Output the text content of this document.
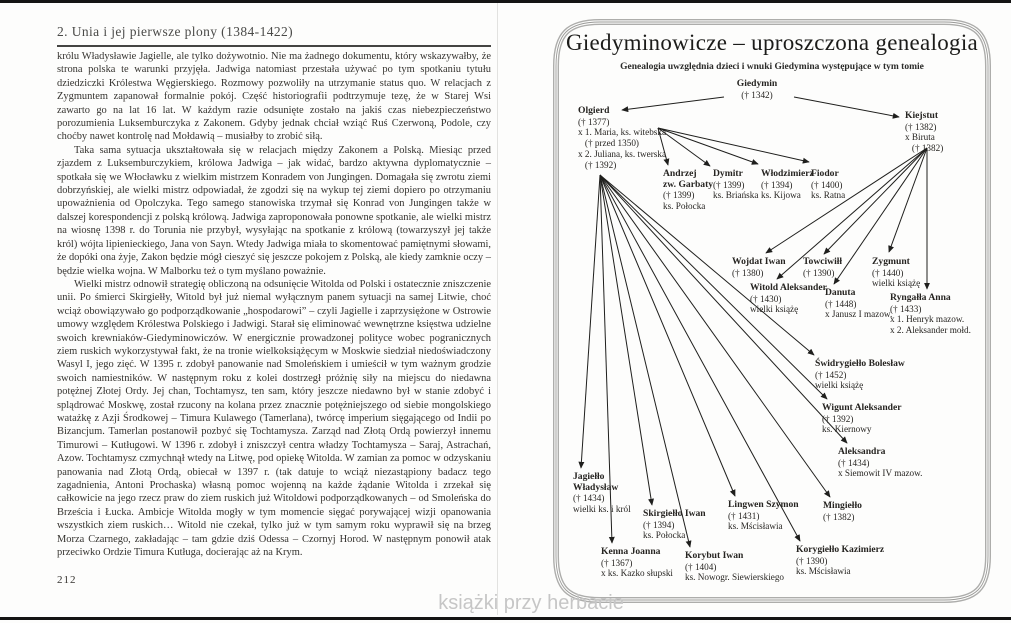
2. Unia i jej pierwsze plony (1384-1422)

królu Władysławie Jagielle, ale tylko dożywotnio. Nie ma żadnego dokumentu, który wskazywałby, że strona polska te warunki przyjęła. Jadwiga natomiast przestała używać po tym spotkaniu tytułu dziedziczki Królestwa Węgierskiego. Rozmowy pozwoliły na utrzymanie status quo. W relacjach z Zygmuntem zapanował formalnie pokój. Część historiografii podtrzymuje tezę, że w Starej Wsi zawarto go na lat 16 lat. W każdym razie odsunięte zostało na jakiś czas niebezpieczeństwo porozumienia Luksemburczyka z Zakonem. Gdyby jednak chciał wziąć Ruś Czerwoną, Podole, czy choćby nawet kontrolę nad Mołdawią – musiałby to zrobić siłą.

Taka sama sytuacja ukształtowała się w relacjach między Zakonem a Polską. Miesiąc przed zjazdem z Luksemburczykiem, królowa Jadwiga – jak widać, bardzo aktywna dyplomatycznie – spotkała się we Włocławku z wielkim mistrzem Konradem von Jungingen. Domagała się zwrotu ziemi dobrzyńskiej, ale wielki mistrz odpowiadał, że zgodzi się na wykup tej ziemi dopiero po otrzymaniu upoważnienia od Opolczyka. Tego samego stanowiska trzymał się Konrad von Jungingen także w dalszej korespondencji z polską królową. Jadwiga zaproponowała ponowne spotkanie, ale wielki mistrz na wiosnę 1398 r. do Torunia nie przybył, wysyłając na spotkanie z królową (towarzyszył jej także król) wójta lipienieckiego, Jana von Sayn. Wtedy Jadwiga miała to skomentować pamiętnymi słowami, że dopóki ona żyje, Zakon będzie mógł cieszyć się jeszcze pokojem z Polską, ale kiedy zamknie oczy – będzie wielka wojna. W Malborku też o tym myślano poważnie.

Wielki mistrz odnowił strategię obliczoną na odsunięcie Witolda od Polski i ostatecznie zniszczenie unii. Po śmierci Skirgiełły, Witold był już niemal wyłącznym panem sytuacji na samej Litwie, choć wciąż obowiązywało go podporządkowanie „hospodarowi” – czyli Jagielle i zaprzysiężone w Ostrowie umowy względem Królestwa Polskiego i Jadwigi. Starał się eliminować wewnętrzne księstwa udzielne swoich krewniaków-Giedyminowiczów. W energicznie prowadzonej polityce wobec pogranicznych ziem ruskich wykorzystywał fakt, że na tronie wielkoksiążęcym w Moskwie siedział niedoświadczony Wasyl I, jego zięć. W 1395 r. zdobył panowanie nad Smoleńskiem i umieścił w tym ważnym grodzie swoich namiestników. W następnym roku z kolei dostrzegł próżnię siły na miejscu do niedawna potężnej Złotej Ordy. Jej chan, Tochtamysz, ten sam, który jeszcze niedawno był w stanie zdobyć i splądrować Moskwę, został rzucony na kolana przez znacznie potężniejszego od siebie mongolskiego watażkę z Azji Środkowej – Timura Kulawego (Tamerlana), twórcę imperium sięgającego od Indii po Bizancjum. Tamerlan postanowił pozbyć się Tochtamysza. Zarząd nad Złotą Ordą powierzył innemu Timurowi – Kutługowi. W 1396 r. zdobył i zniszczył centra władzy Tochtamysza – Saraj, Astrachań, Azow. Tochtamysz czmychnął wtedy na Litwę, pod opiekę Witolda. W zamian za pomoc w odzyskaniu panowania nad Złotą Ordą, obiecał w 1397 r. (tak datuje to wciąż niezastąpiony badacz tego zagadnienia, Antoni Prochaska) własną pomoc wojenną na każde żądanie Witolda i zrzekał się całkowicie na jego rzecz praw do ziem ruskich już Witoldowi podporządkowanych – od Smoleńska do Brześcia i Łucka. Ambicje Witolda mogły w tym momencie sięgać porywającej wizji opanowania wszystkich ziem ruskich… Witold nie czekał, tylko już w tym samym roku wyprawił się na brzeg Morza Czarnego, zakładając – tam gdzie dziś Odessa – Czornyj Horod. W następnym ponowił atak przeciwko Ordzie Timura Kutługa, docierając aż na Krym.

212
Giedyminowicze – uproszczona genealogia
Genealogia uwzględnia dzieci i wnuki Giedymina występujące w tym tomie
Giedymin
(† 1342)
Olgierd
(† 1377)
x 1. Maria, ks. witebska
(† przed 1350)
x 2. Juliana, ks. twerska
(† 1392)
Kiejstut
(† 1382)
x Biruta
(† 1382)
Andrzej
zw. Garbaty
(† 1399)
ks. Połocka
Dymitr
(† 1399)
ks. Briańska
Włodzimierz
(† 1394)
ks. Kijowa
Fiodor
(† 1400)
ks. Ratna
Wojdat Iwan
(† 1380)
Towciwiłł
(† 1390)
Zygmunt
(† 1440)
wielki książę
Witold Aleksander
(† 1430)
wielki książę
Danuta
(† 1448)
x Janusz I mazow.
Ryngałła Anna
(† 1433)
x 1. Henryk mazow.
x 2. Aleksander mołd.
Świdrygiełło Bolesław
(† 1452)
wielki książę
Wigunt Aleksander
(† 1392)
ks. Kiernowy
Aleksandra
(† 1434)
x Siemowit IV mazow.
Mingiełło
(† 1382)
Korygiełło Kazimierz
(† 1390)
ks. Mścisławia
Jagiełło
Władysław
(† 1434)
wielki ks. i król Skirgiełło Iwan
(† 1394)
ks. Połocka
Lingwen Szymon
(† 1431)
ks. Mścisławia
Kenna Joanna
(† 1367)
x ks. Kazko słupski
Korybut Iwan
(† 1404)
ks. Nowogr. Siewierskiego
książki przy herbacie
